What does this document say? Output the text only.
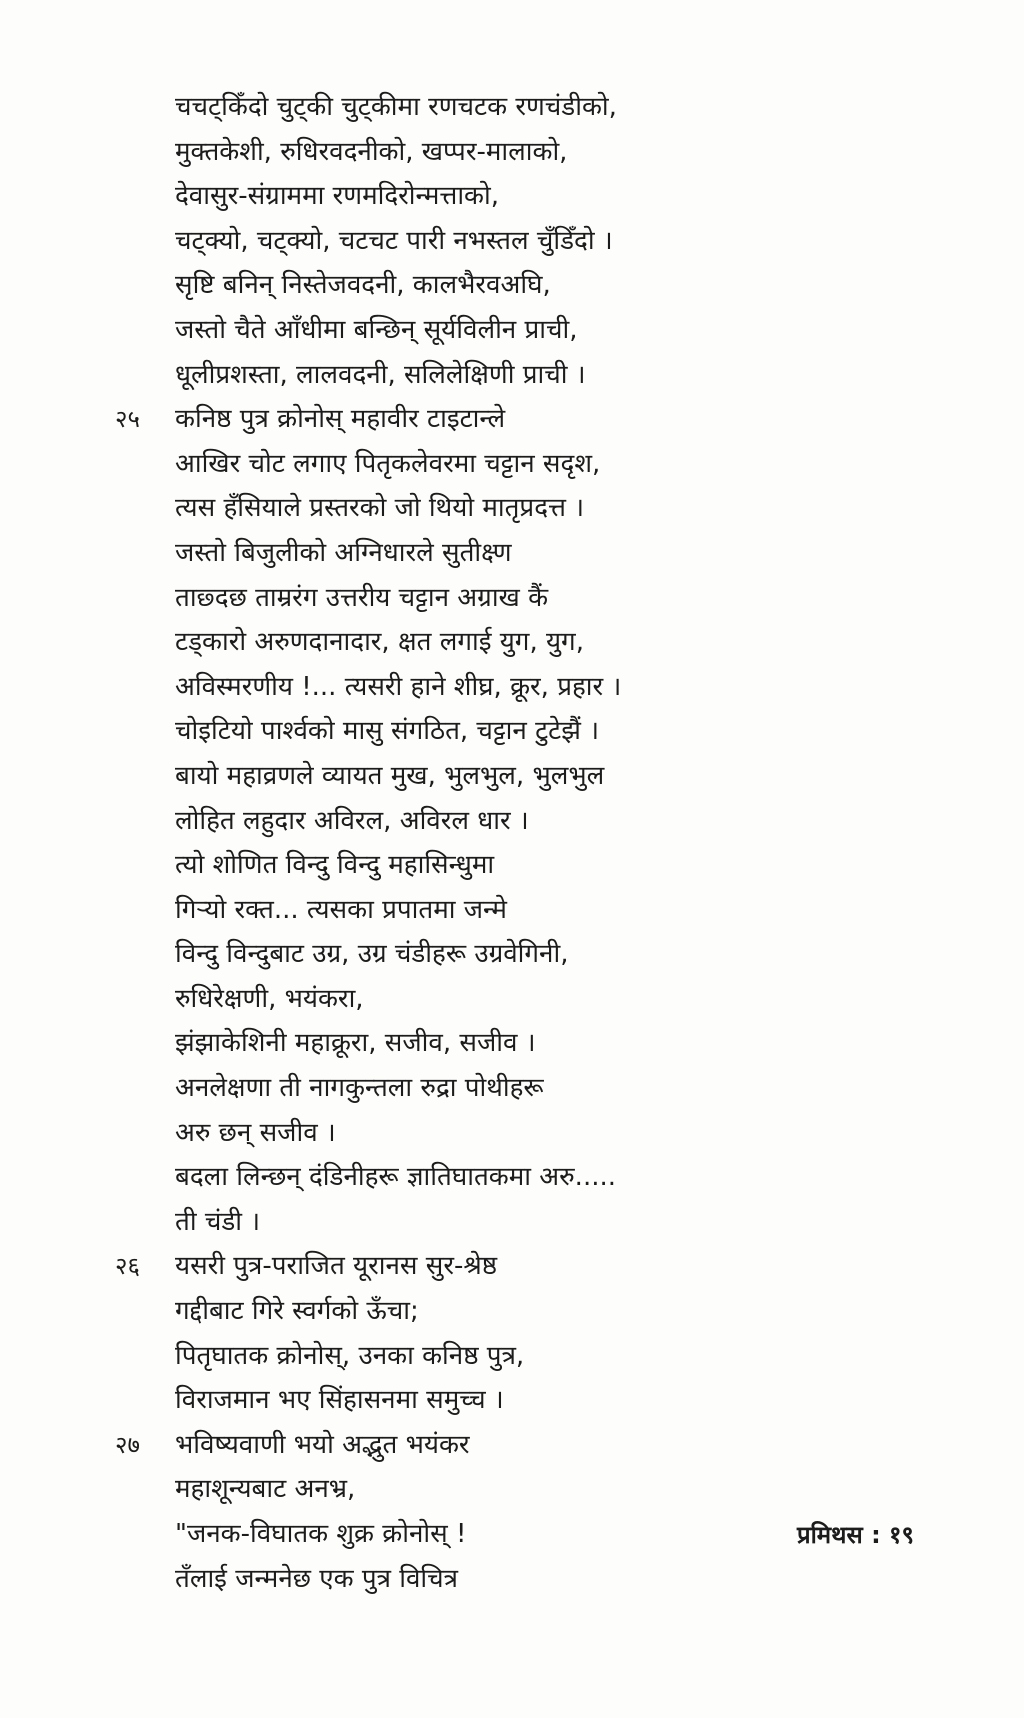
चचट्किँदो चुट्की चुट्कीमा रणचटक रणचंडीको,
मुक्तकेशी, रुधिरवदनीको, खप्पर-मालाको,
देवासुर-संग्राममा रणमदिरोन्मत्ताको,
चट्क्यो, चट्क्यो, चटचट पारी नभस्तल चुँडिँदो ।
सृष्टि बनिन् निस्तेजवदनी, कालभैरवअघि,
जस्तो चैते आँधीमा बन्छिन् सूर्यविलीन प्राची,
धूलीप्रशस्ता, लालवदनी, सलिलेक्षिणी प्राची ।
२५	कनिष्ठ पुत्र क्रोनोस् महावीर टाइटान्ले
आखिर चोट लगाए पितृकलेवरमा चट्टान सदृश,
त्यस हँसियाले प्रस्तरको जो थियो मातृप्रदत्त ।
जस्तो बिजुलीको अग्निधारले सुतीक्ष्ण
ताछ्दछ ताम्ररंग उत्तरीय चट्टान अग्राख कैं
टड्कारो अरुणदानादार, क्षत लगाई युग, युग,
अविस्मरणीय !... त्यसरी हाने शीघ्र, क्रूर, प्रहार ।
चोइटियो पार्श्वको मासु संगठित, चट्टान टुटेझैं ।
बायो महाव्रणले व्यायत मुख, भुलभुल, भुलभुल
लोहित लहुदार अविरल, अविरल धार ।
त्यो शोणित विन्दु विन्दु महासिन्धुमा
गिऱ्यो रक्त... त्यसका प्रपातमा जन्मे
विन्दु विन्दुबाट उग्र, उग्र चंडीहरू उग्रवेगिनी,
रुधिरेक्षणी, भयंकरा,
झंझाकेशिनी महाक्रूरा, सजीव, सजीव ।
अनलेक्षणा ती नागकुन्तला रुद्रा पोथीहरू
अरु छन् सजीव ।
बदला लिन्छन् दंडिनीहरू ज्ञातिघातकमा अरु.....
ती चंडी ।
२६	यसरी पुत्र-पराजित यूरानस सुर-श्रेष्ठ
गद्दीबाट गिरे स्वर्गको ऊँचा;
पितृघातक क्रोनोस्, उनका कनिष्ठ पुत्र,
विराजमान भए सिंहासनमा समुच्च ।
२७	भविष्यवाणी भयो अद्भुत भयंकर
महाशून्यबाट अनभ्र,
"जनक-विघातक शुक्र क्रोनोस् !
तँलाई जन्मनेछ एक पुत्र विचित्र
प्रमिथस : १९
